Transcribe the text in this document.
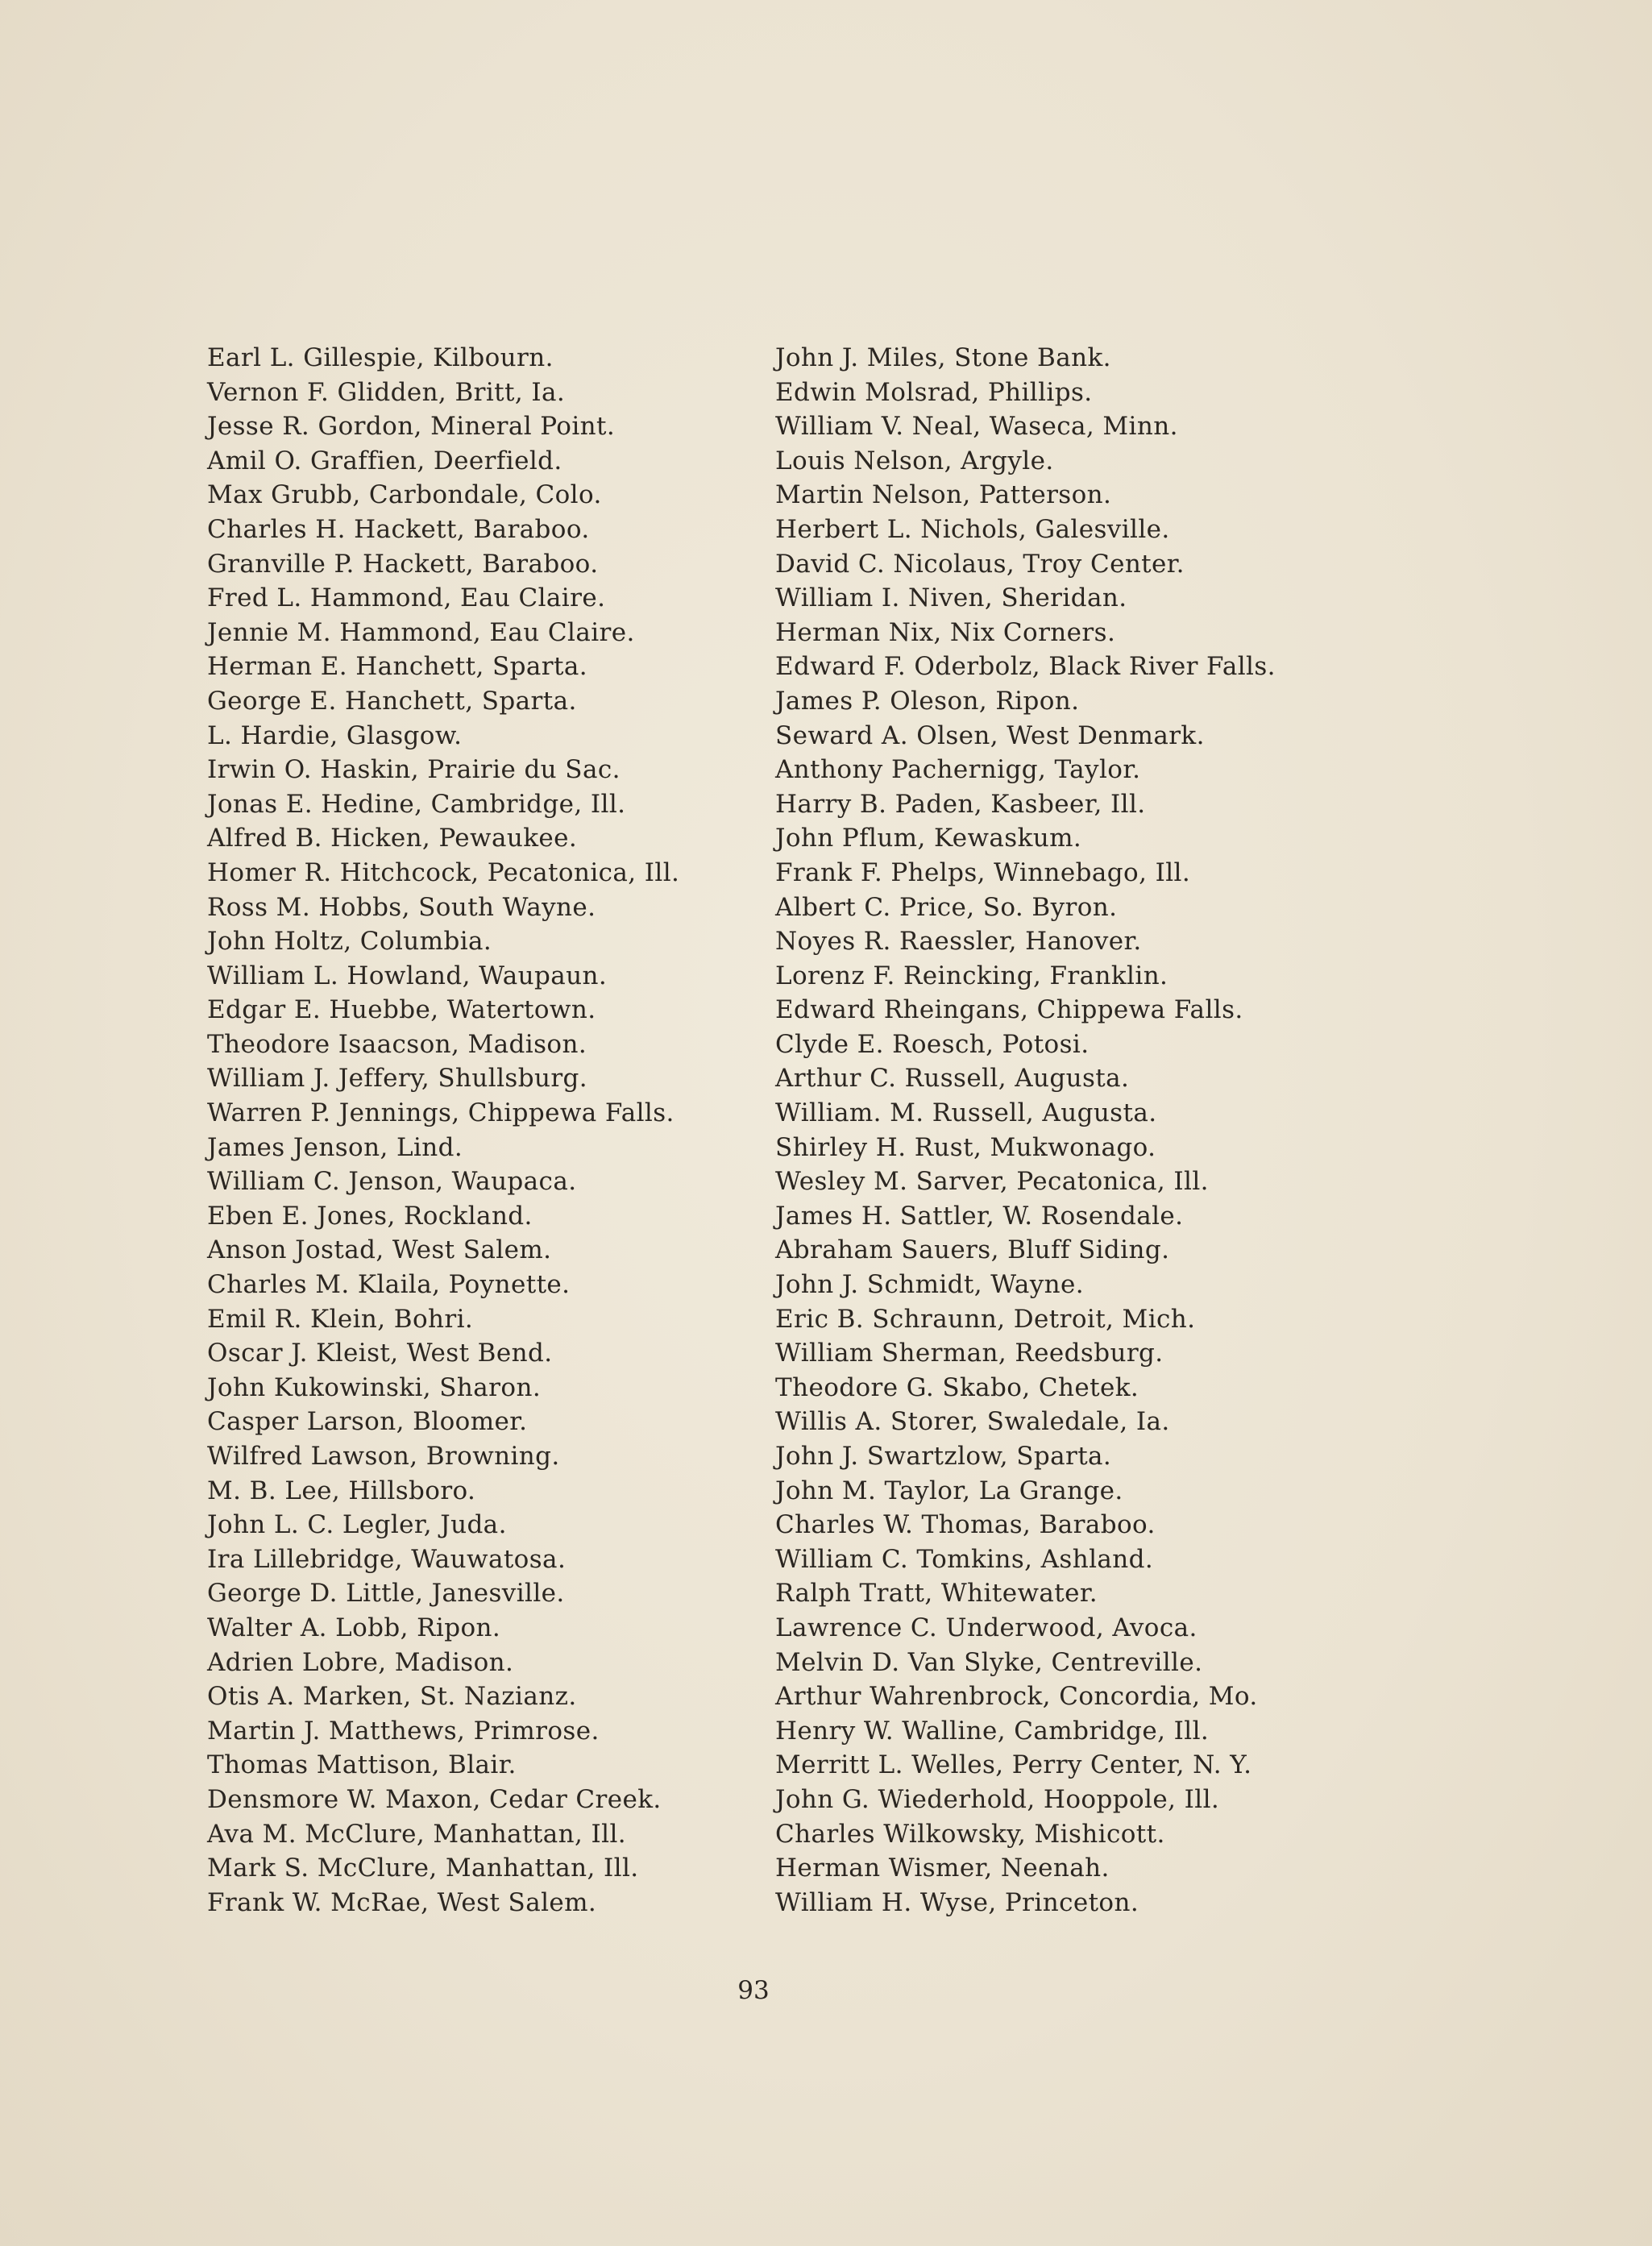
Earl L. Gillespie, Kilbourn.
Vernon F. Glidden, Britt, Ia.
Jesse R. Gordon, Mineral Point.
Amil O. Graffien, Deerfield.
Max Grubb, Carbondale, Colo.
Charles H. Hackett, Baraboo.
Granville P. Hackett, Baraboo.
Fred L. Hammond, Eau Claire.
Jennie M. Hammond, Eau Claire.
Herman E. Hanchett, Sparta.
George E. Hanchett, Sparta.
L. Hardie, Glasgow.
Irwin O. Haskin, Prairie du Sac.
Jonas E. Hedine, Cambridge, Ill.
Alfred B. Hicken, Pewaukee.
Homer R. Hitchcock, Pecatonica, Ill.
Ross M. Hobbs, South Wayne.
John Holtz, Columbia.
William L. Howland, Waupaun.
Edgar E. Huebbe, Watertown.
Theodore Isaacson, Madison.
William J. Jeffery, Shullsburg.
Warren P. Jennings, Chippewa Falls.
James Jenson, Lind.
William C. Jenson, Waupaca.
Eben E. Jones, Rockland.
Anson Jostad, West Salem.
Charles M. Klaila, Poynette.
Emil R. Klein, Bohri.
Oscar J. Kleist, West Bend.
John Kukowinski, Sharon.
Casper Larson, Bloomer.
Wilfred Lawson, Browning.
M. B. Lee, Hillsboro.
John L. C. Legler, Juda.
Ira Lillebridge, Wauwatosa.
George D. Little, Janesville.
Walter A. Lobb, Ripon.
Adrien Lobre, Madison.
Otis A. Marken, St. Nazianz.
Martin J. Matthews, Primrose.
Thomas Mattison, Blair.
Densmore W. Maxon, Cedar Creek.
Ava M. McClure, Manhattan, Ill.
Mark S. McClure, Manhattan, Ill.
Frank W. McRae, West Salem.
John J. Miles, Stone Bank.
Edwin Molsrad, Phillips.
William V. Neal, Waseca, Minn.
Louis Nelson, Argyle.
Martin Nelson, Patterson.
Herbert L. Nichols, Galesville.
David C. Nicolaus, Troy Center.
William I. Niven, Sheridan.
Herman Nix, Nix Corners.
Edward F. Oderbolz, Black River Falls.
James P. Oleson, Ripon.
Seward A. Olsen, West Denmark.
Anthony Pachernigg, Taylor.
Harry B. Paden, Kasbeer, Ill.
John Pflum, Kewaskum.
Frank F. Phelps, Winnebago, Ill.
Albert C. Price, So. Byron.
Noyes R. Raessler, Hanover.
Lorenz F. Reincking, Franklin.
Edward Rheingans, Chippewa Falls.
Clyde E. Roesch, Potosi.
Arthur C. Russell, Augusta.
William. M. Russell, Augusta.
Shirley H. Rust, Mukwonago.
Wesley M. Sarver, Pecatonica, Ill.
James H. Sattler, W. Rosendale.
Abraham Sauers, Bluff Siding.
John J. Schmidt, Wayne.
Eric B. Schraunn, Detroit, Mich.
William Sherman, Reedsburg.
Theodore G. Skabo, Chetek.
Willis A. Storer, Swaledale, Ia.
John J. Swartzlow, Sparta.
John M. Taylor, La Grange.
Charles W. Thomas, Baraboo.
William C. Tomkins, Ashland.
Ralph Tratt, Whitewater.
Lawrence C. Underwood, Avoca.
Melvin D. Van Slyke, Centreville.
Arthur Wahrenbrock, Concordia, Mo.
Henry W. Walline, Cambridge, Ill.
Merritt L. Welles, Perry Center, N. Y.
John G. Wiederhold, Hooppole, Ill.
Charles Wilkowsky, Mishicott.
Herman Wismer, Neenah.
William H. Wyse, Princeton.
93
